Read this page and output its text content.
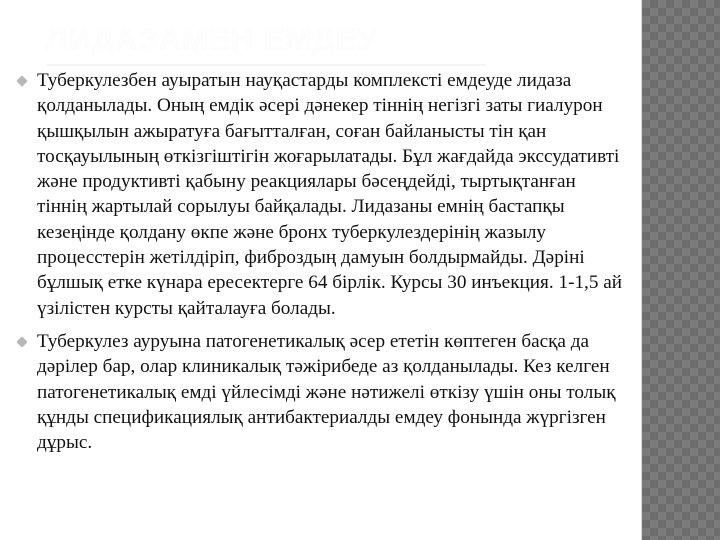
ЛИДАЗАМЕН ЕМДЕУ
Туберкулезбен ауыратын науқастарды комплексті емдеуде лидаза қолданылады. Оның емдік әсері дәнекер тіннің негізгі заты гиалурон қышқылын ажыратуға бағытталған, соған байланысты тін қан тосқауылының өткізгіштігін жоғарылатады. Бұл жағдайда экссудативті және продуктивті қабыну реакциялары бәсеңдейді, тыртықтанған тіннің жартылай сорылуы байқалады. Лидазаны емнің бастапқы кезеңінде қолдану өкпе және бронх туберкулездерінің жазылу процесстерін жетілдіріп, фиброздың дамуын болдырмайды. Дәріні бұлшық етке күнара ересектерге 64 бірлік. Курсы 30 инъекция. 1-1,5 ай үзілістен курсты қайталауға болады.
Туберкулез ауруына патогенетикалық әсер ететін көптеген басқа да дәрілер бар, олар клиникалық тәжірибеде аз қолданылады. Кез келген патогенетикалық емді үйлесімді және нәтижелі өткізу үшін оны толық құнды спецификациялық антибактериалды емдеу фонында жүргізген дұрыс.
